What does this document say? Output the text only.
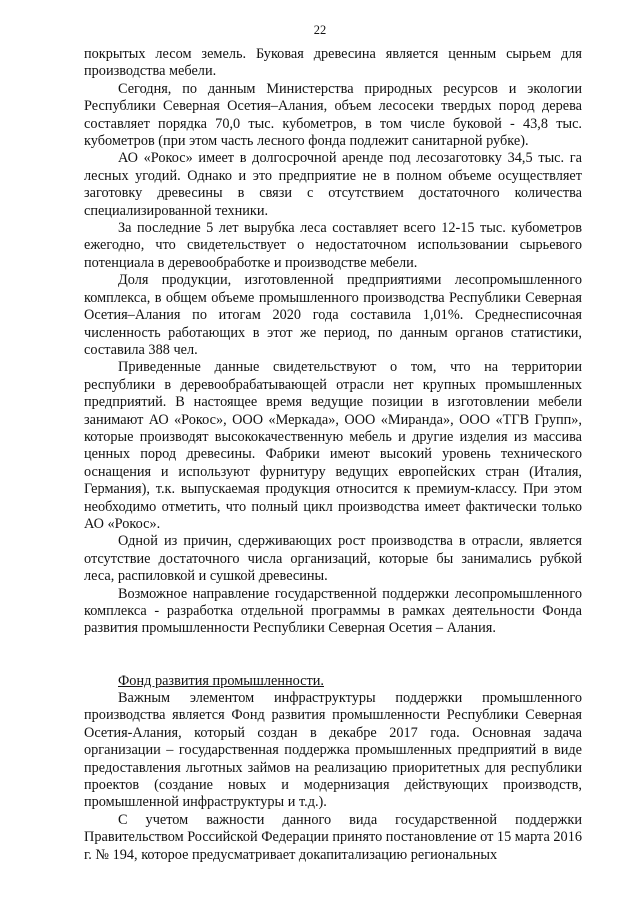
22

покрытых лесом земель. Буковая древесина является ценным сырьем для производства мебели.

Сегодня, по данным Министерства природных ресурсов и экологии Республики Северная Осетия–Алания, объем лесосеки твердых пород дерева составляет порядка 70,0 тыс. кубометров, в том числе буковой - 43,8 тыс. кубометров (при этом часть лесного фонда подлежит санитарной рубке).

АО «Рокос» имеет в долгосрочной аренде под лесозаготовку 34,5 тыс. га лесных угодий. Однако и это предприятие не в полном объеме осуществляет заготовку древесины в связи с отсутствием достаточного количества специализированной техники.

За последние 5 лет вырубка леса составляет всего 12-15 тыс. кубометров ежегодно, что свидетельствует о недостаточном использовании сырьевого потенциала в деревообработке и производстве мебели.

Доля продукции, изготовленной предприятиями лесопромышленного комплекса, в общем объеме промышленного производства Республики Северная Осетия–Алания по итогам 2020 года составила 1,01%. Среднесписочная численность работающих в этот же период, по данным органов статистики, составила 388 чел.

Приведенные данные свидетельствуют о том, что на территории республики в деревообрабатывающей отрасли нет крупных промышленных предприятий. В настоящее время ведущие позиции в изготовлении мебели занимают АО «Рокос», ООО «Меркада», ООО «Миранда», ООО «ТГВ Групп», которые производят высококачественную мебель и другие изделия из массива ценных пород древесины. Фабрики имеют высокий уровень технического оснащения и используют фурнитуру ведущих европейских стран (Италия, Германия), т.к. выпускаемая продукция относится к премиум-классу. При этом необходимо отметить, что полный цикл производства имеет фактически только АО «Рокос».

Одной из причин, сдерживающих рост производства в отрасли, является отсутствие достаточного числа организаций, которые бы занимались рубкой леса, распиловкой и сушкой древесины.

Возможное направление государственной поддержки лесопромышленного комплекса - разработка отдельной программы в рамках деятельности Фонда развития промышленности Республики Северная Осетия – Алания.

Фонд развития промышленности.

Важным элементом инфраструктуры поддержки промышленного производства является Фонд развития промышленности Республики Северная Осетия-Алания, который создан в декабре 2017 года. Основная задача организации – государственная поддержка промышленных предприятий в виде предоставления льготных займов на реализацию приоритетных для республики проектов (создание новых и модернизация действующих производств, промышленной инфраструктуры и т.д.).

С учетом важности данного вида государственной поддержки Правительством Российской Федерации принято постановление от 15 марта 2016 г. № 194, которое предусматривает докапитализацию региональных
